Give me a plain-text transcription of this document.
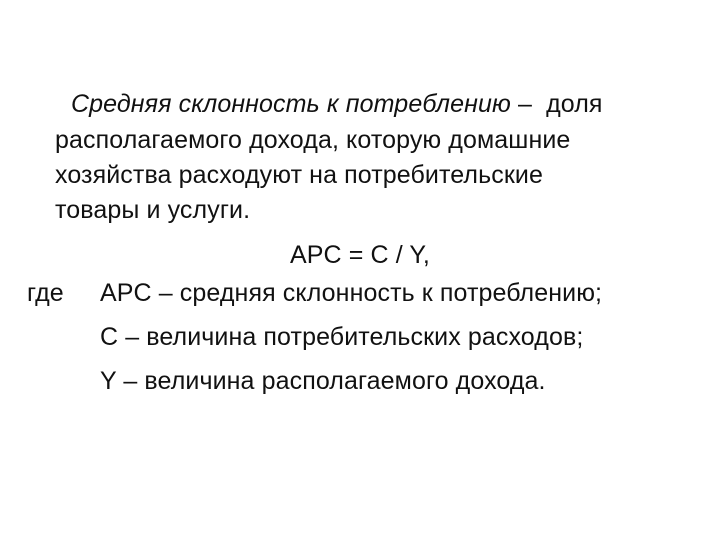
Средняя склонность к потреблению –  доля
располагаемого дохода, которую домашние
хозяйства расходуют на потребительские
товары и услуги.
APC = C / Y,
где APC – средняя склонность к потреблению;
C – величина потребительских расходов;
Y – величина располагаемого дохода.
